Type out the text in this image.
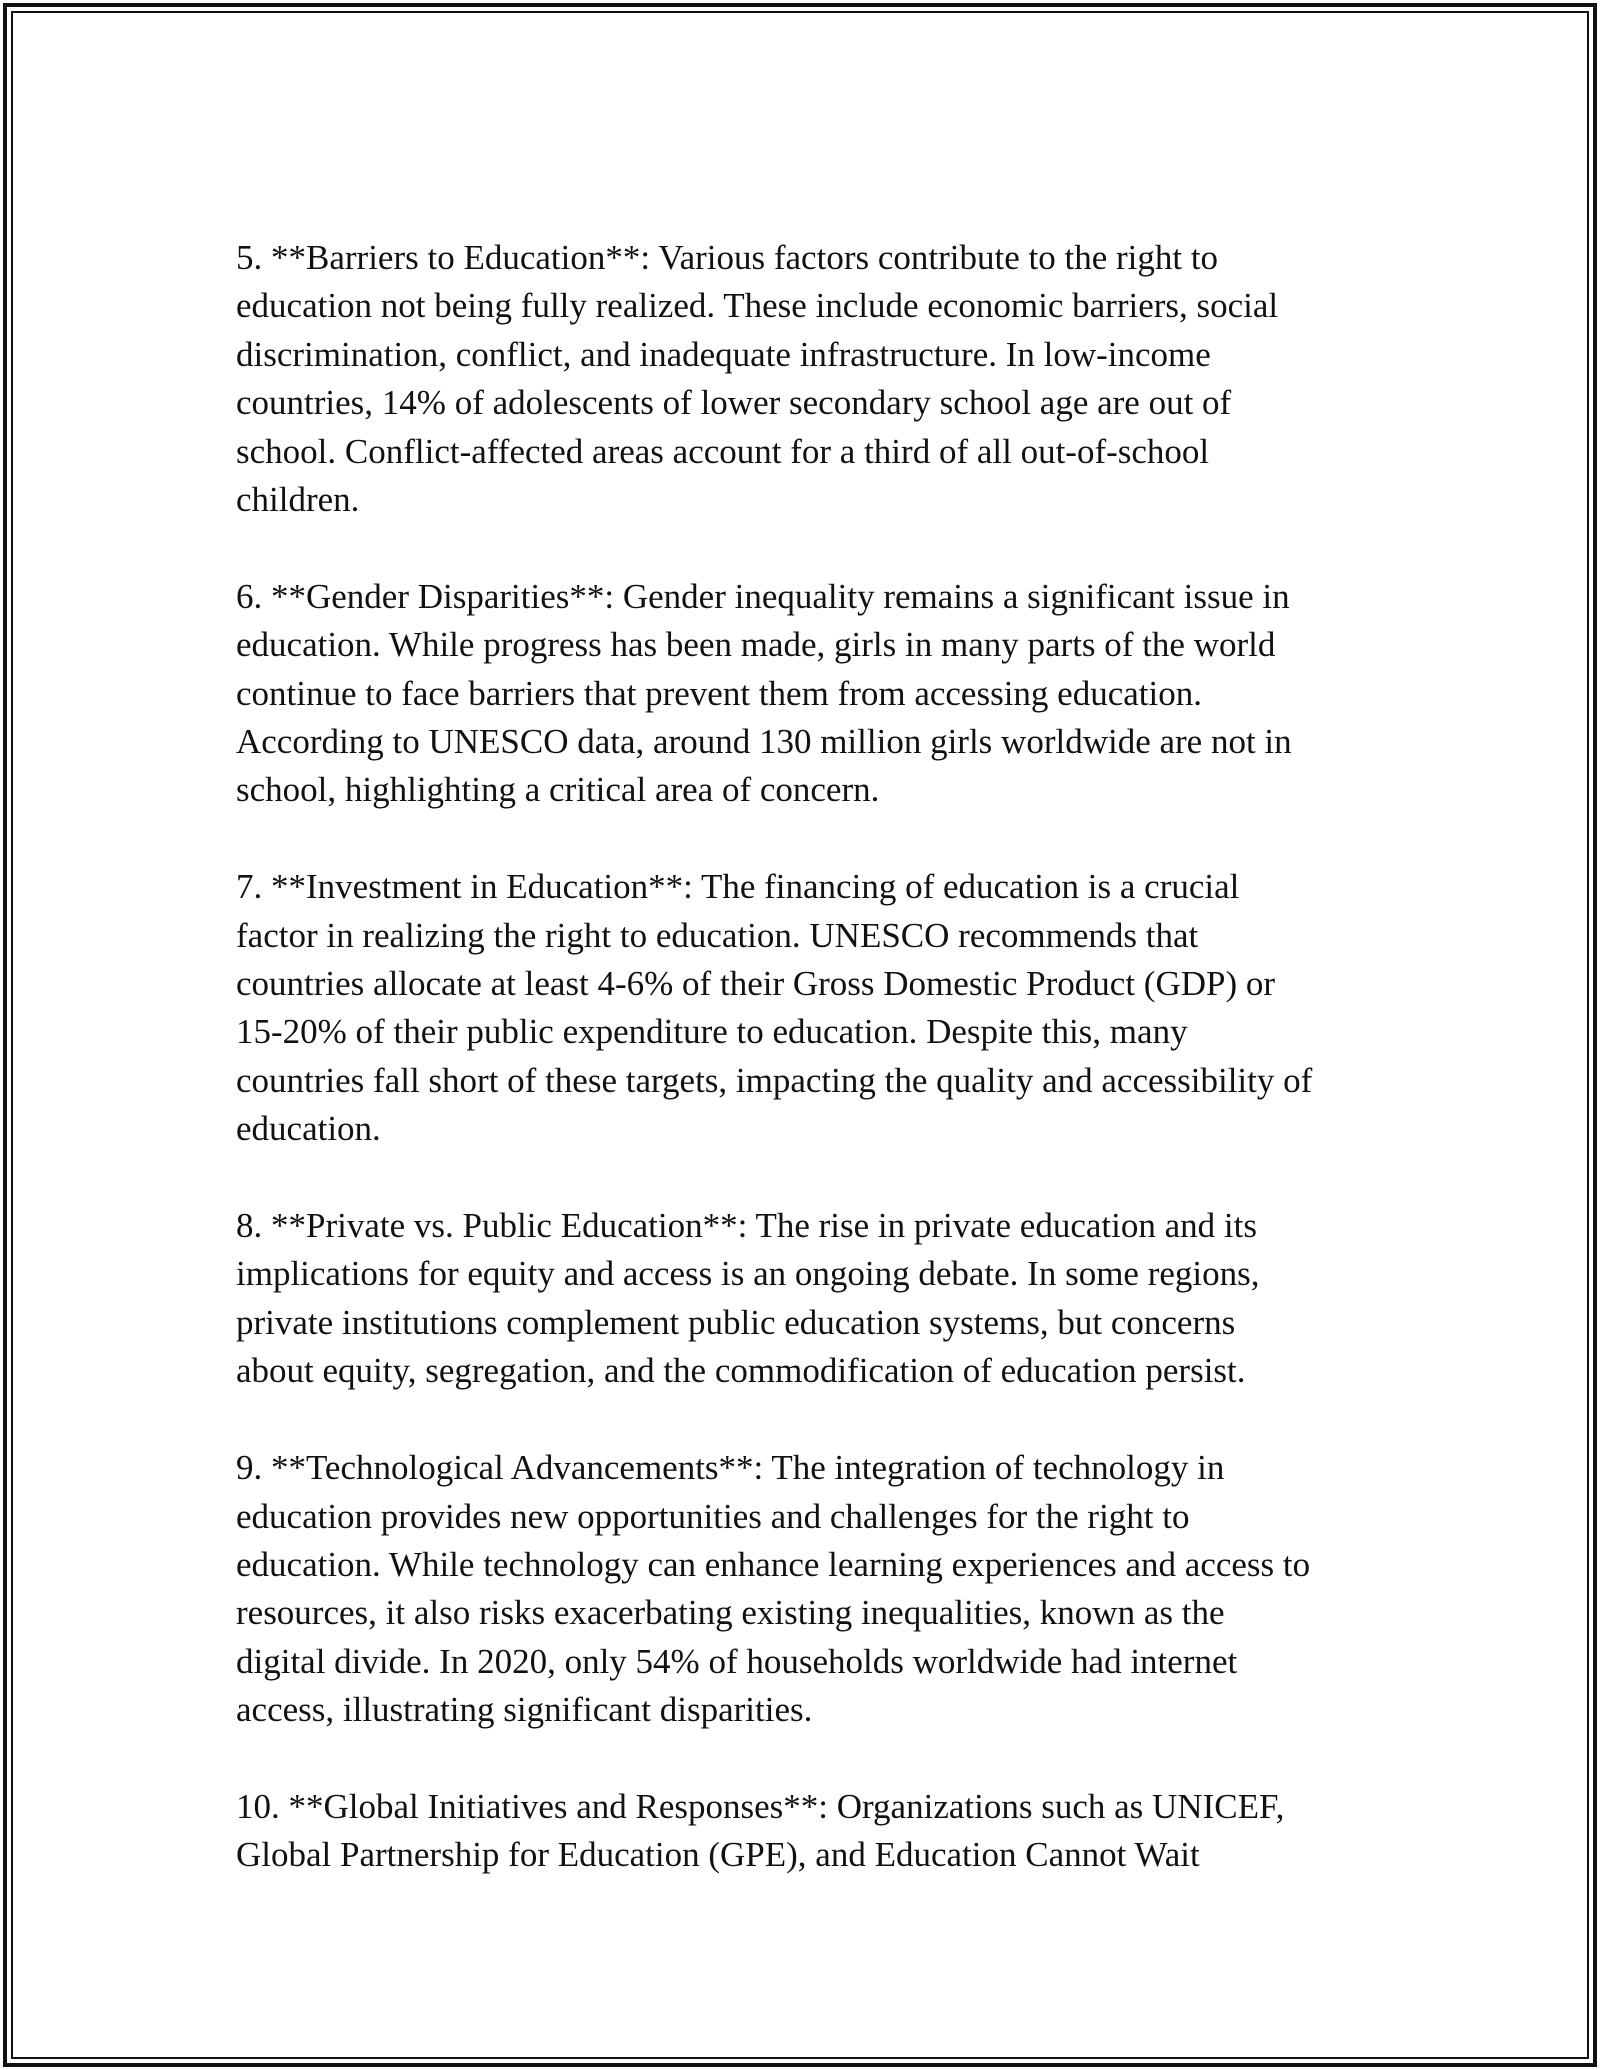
5. **Barriers to Education**: Various factors contribute to the right to
education not being fully realized. These include economic barriers, social
discrimination, conflict, and inadequate infrastructure. In low-income
countries, 14% of adolescents of lower secondary school age are out of
school. Conflict-affected areas account for a third of all out-of-school
children.

6. **Gender Disparities**: Gender inequality remains a significant issue in
education. While progress has been made, girls in many parts of the world
continue to face barriers that prevent them from accessing education.
According to UNESCO data, around 130 million girls worldwide are not in
school, highlighting a critical area of concern.

7. **Investment in Education**: The financing of education is a crucial
factor in realizing the right to education. UNESCO recommends that
countries allocate at least 4-6% of their Gross Domestic Product (GDP) or
15-20% of their public expenditure to education. Despite this, many
countries fall short of these targets, impacting the quality and accessibility of
education.

8. **Private vs. Public Education**: The rise in private education and its
implications for equity and access is an ongoing debate. In some regions,
private institutions complement public education systems, but concerns
about equity, segregation, and the commodification of education persist.

9. **Technological Advancements**: The integration of technology in
education provides new opportunities and challenges for the right to
education. While technology can enhance learning experiences and access to
resources, it also risks exacerbating existing inequalities, known as the
digital divide. In 2020, only 54% of households worldwide had internet
access, illustrating significant disparities.

10. **Global Initiatives and Responses**: Organizations such as UNICEF,
Global Partnership for Education (GPE), and Education Cannot Wait
